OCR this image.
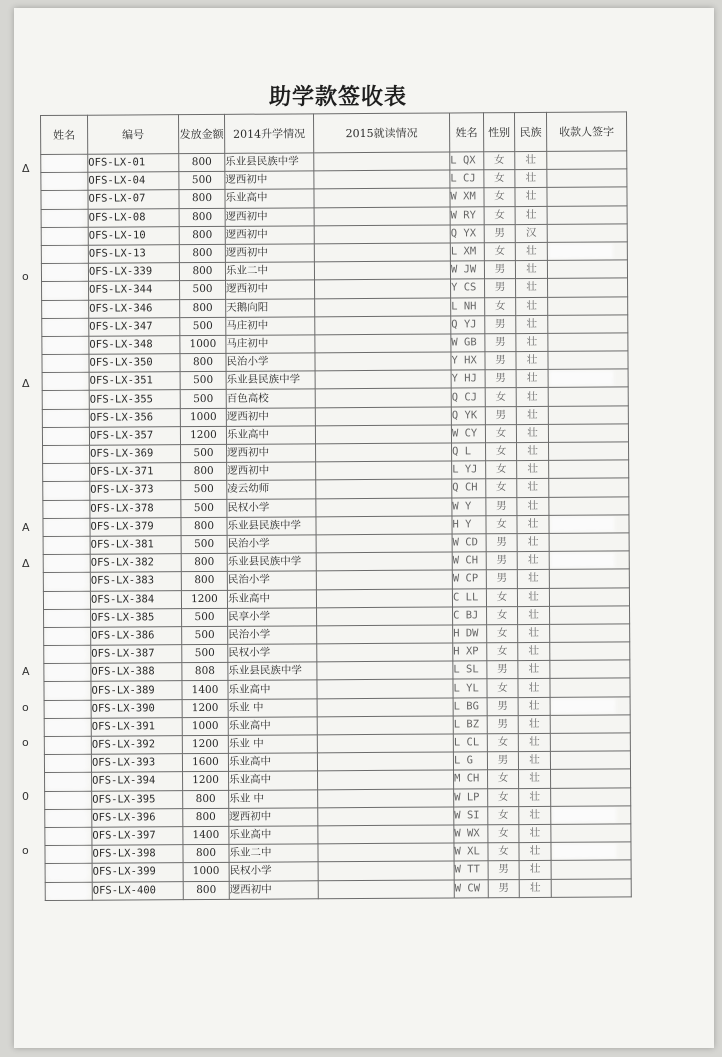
助学款签收表
姓名	编号	发放金额	2014升学情况	2015就读情况	姓名	性别	民族	收款人签字

	OFS-LX-01	800	乐业县民族中学		L QX	女	壮	

	OFS-LX-04	500	逻西初中		L CJ	女	壮	

	OFS-LX-07	800	乐业高中		W XM	女	壮	

	OFS-LX-08	800	逻西初中		W RY	女	壮	

	OFS-LX-10	800	逻西初中		Q YX	男	汉	

	OFS-LX-13	800	逻西初中		L XM	女	壮	

	OFS-LX-339	800	乐业二中		W JW	男	壮	

	OFS-LX-344	500	逻西初中		Y CS	男	壮	

	OFS-LX-346	800	天鹅向阳		L NH	女	壮	

	OFS-LX-347	500	马庄初中		Q YJ	男	壮	

	OFS-LX-348	1000	马庄初中		W GB	男	壮	

	OFS-LX-350	800	民治小学		Y HX	男	壮	

	OFS-LX-351	500	乐业县民族中学		Y HJ	男	壮	

	OFS-LX-355	500	百色高校		Q CJ	女	壮	

	OFS-LX-356	1000	逻西初中		Q YK	男	壮	

	OFS-LX-357	1200	乐业高中		W CY	女	壮	

	OFS-LX-369	500	逻西初中		Q L	女	壮	

	OFS-LX-371	800	逻西初中		L YJ	女	壮	

	OFS-LX-373	500	凌云幼师		Q CH	女	壮	

	OFS-LX-378	500	民权小学		W Y	男	壮	

	OFS-LX-379	800	乐业县民族中学		H Y	女	壮	

	OFS-LX-381	500	民治小学		W CD	男	壮	

	OFS-LX-382	800	乐业县民族中学		W CH	男	壮	

	OFS-LX-383	800	民治小学		W CP	男	壮	

	OFS-LX-384	1200	乐业高中		C LL	女	壮	

	OFS-LX-385	500	民享小学		C BJ	女	壮	

	OFS-LX-386	500	民治小学		H DW	女	壮	

	OFS-LX-387	500	民权小学		H XP	女	壮	

	OFS-LX-388	808	乐业县民族中学		L SL	男	壮	

	OFS-LX-389	1400	乐业高中		L YL	女	壮	

	OFS-LX-390	1200	乐业 中		L BG	男	壮	

	OFS-LX-391	1000	乐业高中		L BZ	男	壮	

	OFS-LX-392	1200	乐业 中		L CL	女	壮	

	OFS-LX-393	1600	乐业高中		L G	男	壮	

	OFS-LX-394	1200	乐业高中		M CH	女	壮	

	OFS-LX-395	800	乐业 中		W LP	女	壮	

	OFS-LX-396	800	逻西初中		W SI	女	壮	

	OFS-LX-397	1400	乐业高中		W WX	女	壮	

	OFS-LX-398	800	乐业二中		W XL	女	壮	

	OFS-LX-399	1000	民权小学		W TT	男	壮	

	OFS-LX-400	800	逻西初中		W CW	男	壮	
Δ
o
Δ
A
Δ
A
o
o
0
o
